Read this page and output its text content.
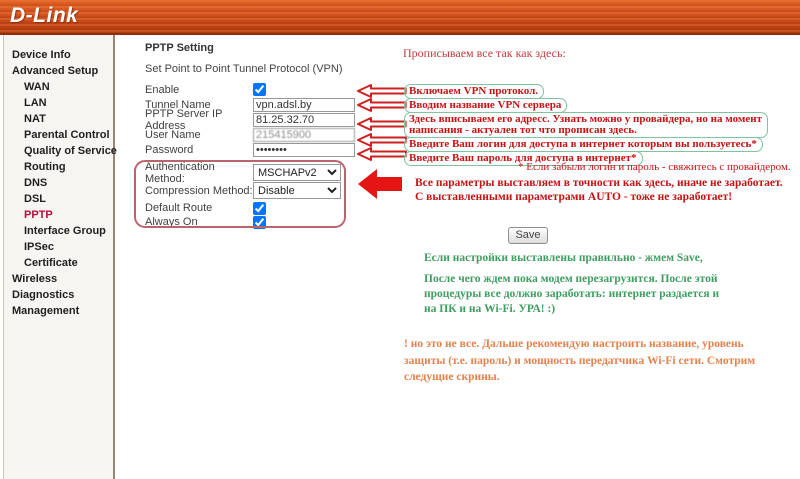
D-Link
Device Info
Advanced Setup
WAN
LAN
NAT
Parental Control
Quality of Service
Routing
DNS
DSL
PPTP
Interface Group
IPSec
Certificate
Wireless
Diagnostics
Management
PPTP Setting
Set Point to Point Tunnel Protocol (VPN)
Enable
Tunnel Name
vpn.adsl.by
PPTP Server IP Address
81.25.32.70
User Name
215415900
Password
••••••••
Authentication Method:
MSCHAPv2
Compression Method:
Disable
Default Route
Always On
Save
Прописываем все так как здесь:
Включаем VPN протокол.
Вводим название VPN сервера
Здесь вписываем его адресс. Узнать можно у провайдера, но на момент
написания - актуален тот что прописан здесь.
Введите Ваш логин для доступа в интернет которым вы пользуетесь*
Введите Ваш пароль для доступа в интернет*
* Если забыли логин и пароль - свяжитесь с провайдером.
Все параметры выставляем в точности как здесь, иначе не заработает.
С выставленными параметрами AUTO - тоже не заработает!
Если настройки выставлены правильно - жмем Save,
После чего ждем пока модем перезагрузится. После этой
процедуры все должно заработать: интернет раздается и
на ПК и на Wi-Fi. УРА! :)
! но это не все. Дальше рекомендую настроить название, уровень
защиты (т.е. пароль) и мощность передатчика Wi-Fi сети. Смотрим
следущие скрины.
